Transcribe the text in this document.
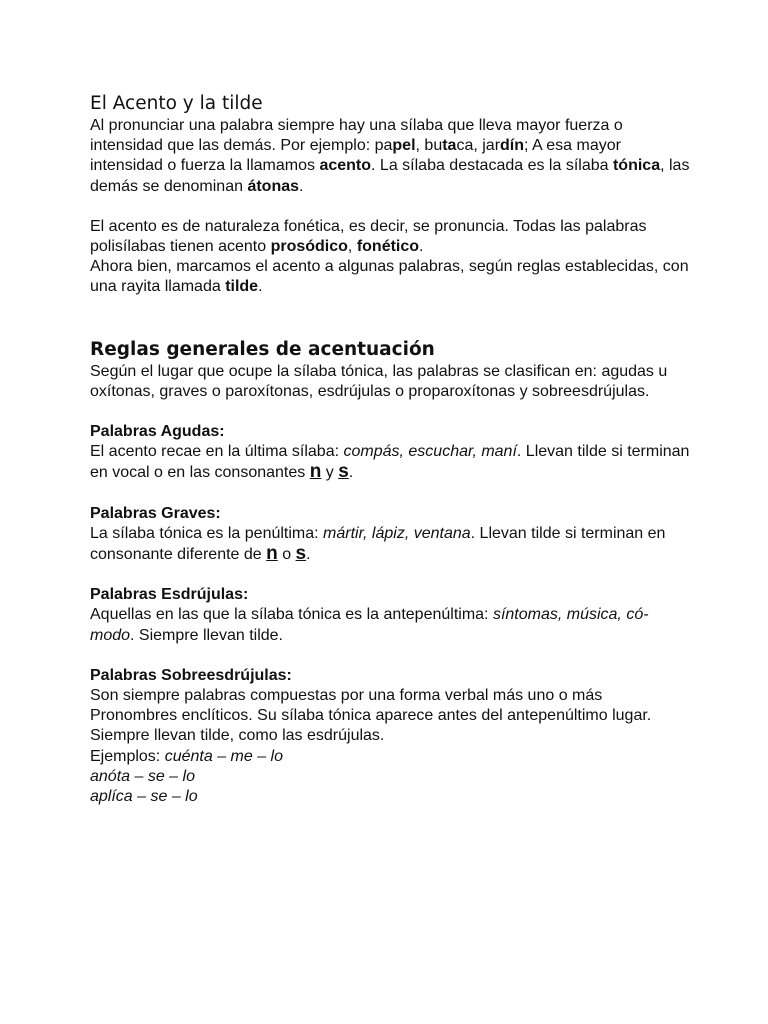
El Acento y la tilde

Al pronunciar una palabra siempre hay una sílaba que lleva mayor fuerza o intensidad que las demás. Por ejemplo: papel, butaca, jardín; A esa mayor intensidad o fuerza la llamamos acento. La sílaba destacada es la sílaba tónica, las demás se denominan átonas.

El acento es de naturaleza fonética, es decir, se pronuncia. Todas las palabras polisílabas tienen acento prosódico, fonético.

Ahora bien, marcamos el acento a algunas palabras, según reglas establecidas, con una rayita llamada tilde.

Reglas generales de acentuación

Según el lugar que ocupe la sílaba tónica, las palabras se clasifican en: agudas u oxítonas, graves o paroxítonas, esdrújulas o proparoxítonas y sobreesdrújulas.

Palabras Agudas:

El acento recae en la última sílaba: compás, escuchar, maní. Llevan tilde si terminan en vocal o en las consonantes n y s.

Palabras Graves:

La sílaba tónica es la penúltima: mártir, lápiz, ventana. Llevan tilde si terminan en consonante diferente de n o s.

Palabras Esdrújulas:

Aquellas en las que la sílaba tónica es la antepenúltima: síntomas, música, có-modo. Siempre llevan tilde.

Palabras Sobreesdrújulas:

Son siempre palabras compuestas por una forma verbal más uno o más Pronombres enclíticos. Su sílaba tónica aparece antes del antepenúltimo lugar. Siempre llevan tilde, como las esdrújulas.

Ejemplos: cuénta – me – lo

anóta – se – lo

aplíca – se – lo
